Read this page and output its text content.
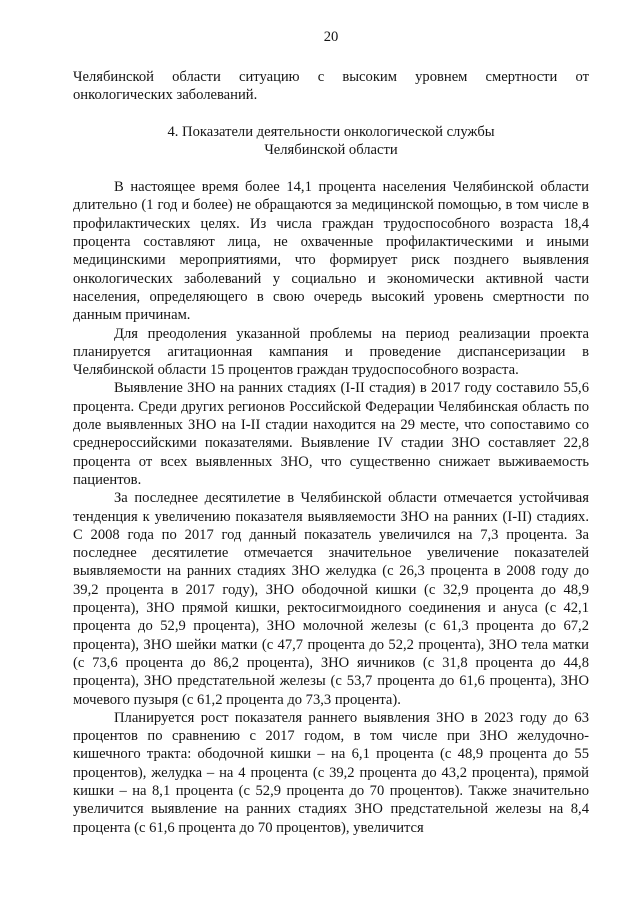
20

Челябинской области ситуацию с высоким уровнем смертности от онкологических заболеваний.

4. Показатели деятельности онкологической службы
Челябинской области

В настоящее время более 14,1 процента населения Челябинской области длительно (1 год и более) не обращаются за медицинской помощью, в том числе в профилактических целях. Из числа граждан трудоспособного возраста 18,4 процента составляют лица, не охваченные профилактическими и иными медицинскими мероприятиями, что формирует риск позднего выявления онкологических заболеваний у социально и экономически активной части населения, определяющего в свою очередь высокий уровень смертности по данным причинам.

Для преодоления указанной проблемы на период реализации проекта планируется агитационная кампания и проведение диспансеризации в Челябинской области 15 процентов граждан трудоспособного возраста.

Выявление ЗНО на ранних стадиях (I-II стадия) в 2017 году составило 55,6 процента. Среди других регионов Российской Федерации Челябинская область по доле выявленных ЗНО на I-II стадии находится на 29 месте, что сопоставимо со среднероссийскими показателями. Выявление IV стадии ЗНО составляет 22,8 процента от всех выявленных ЗНО, что существенно снижает выживаемость пациентов.

За последнее десятилетие в Челябинской области отмечается устойчивая тенденция к увеличению показателя выявляемости ЗНО на ранних (I-II) стадиях. С 2008 года по 2017 год данный показатель увеличился на 7,3 процента. За последнее десятилетие отмечается значительное увеличение показателей выявляемости на ранних стадиях ЗНО желудка (с 26,3 процента в 2008 году до 39,2 процента в 2017 году), ЗНО ободочной кишки (с 32,9 процента до 48,9 процента), ЗНО прямой кишки, ректосигмоидного соединения и ануса (с 42,1 процента до 52,9 процента), ЗНО молочной железы (с 61,3 процента до 67,2 процента), ЗНО шейки матки (с 47,7 процента до 52,2 процента), ЗНО тела матки (с 73,6 процента до 86,2 процента), ЗНО яичников (с 31,8 процента до 44,8 процента), ЗНО предстательной железы (с 53,7 процента до 61,6 процента), ЗНО мочевого пузыря (с 61,2 процента до 73,3 процента).

Планируется рост показателя раннего выявления ЗНО в 2023 году до 63 процентов по сравнению с 2017 годом, в том числе при ЗНО желудочно-кишечного тракта: ободочной кишки – на 6,1 процента (с 48,9 процента до 55 процентов), желудка – на 4 процента (с 39,2 процента до 43,2 процента), прямой кишки – на 8,1 процента (с 52,9 процента до 70 процентов). Также значительно увеличится выявление на ранних стадиях ЗНО предстательной железы на 8,4 процента (с 61,6 процента до 70 процентов), увеличится
